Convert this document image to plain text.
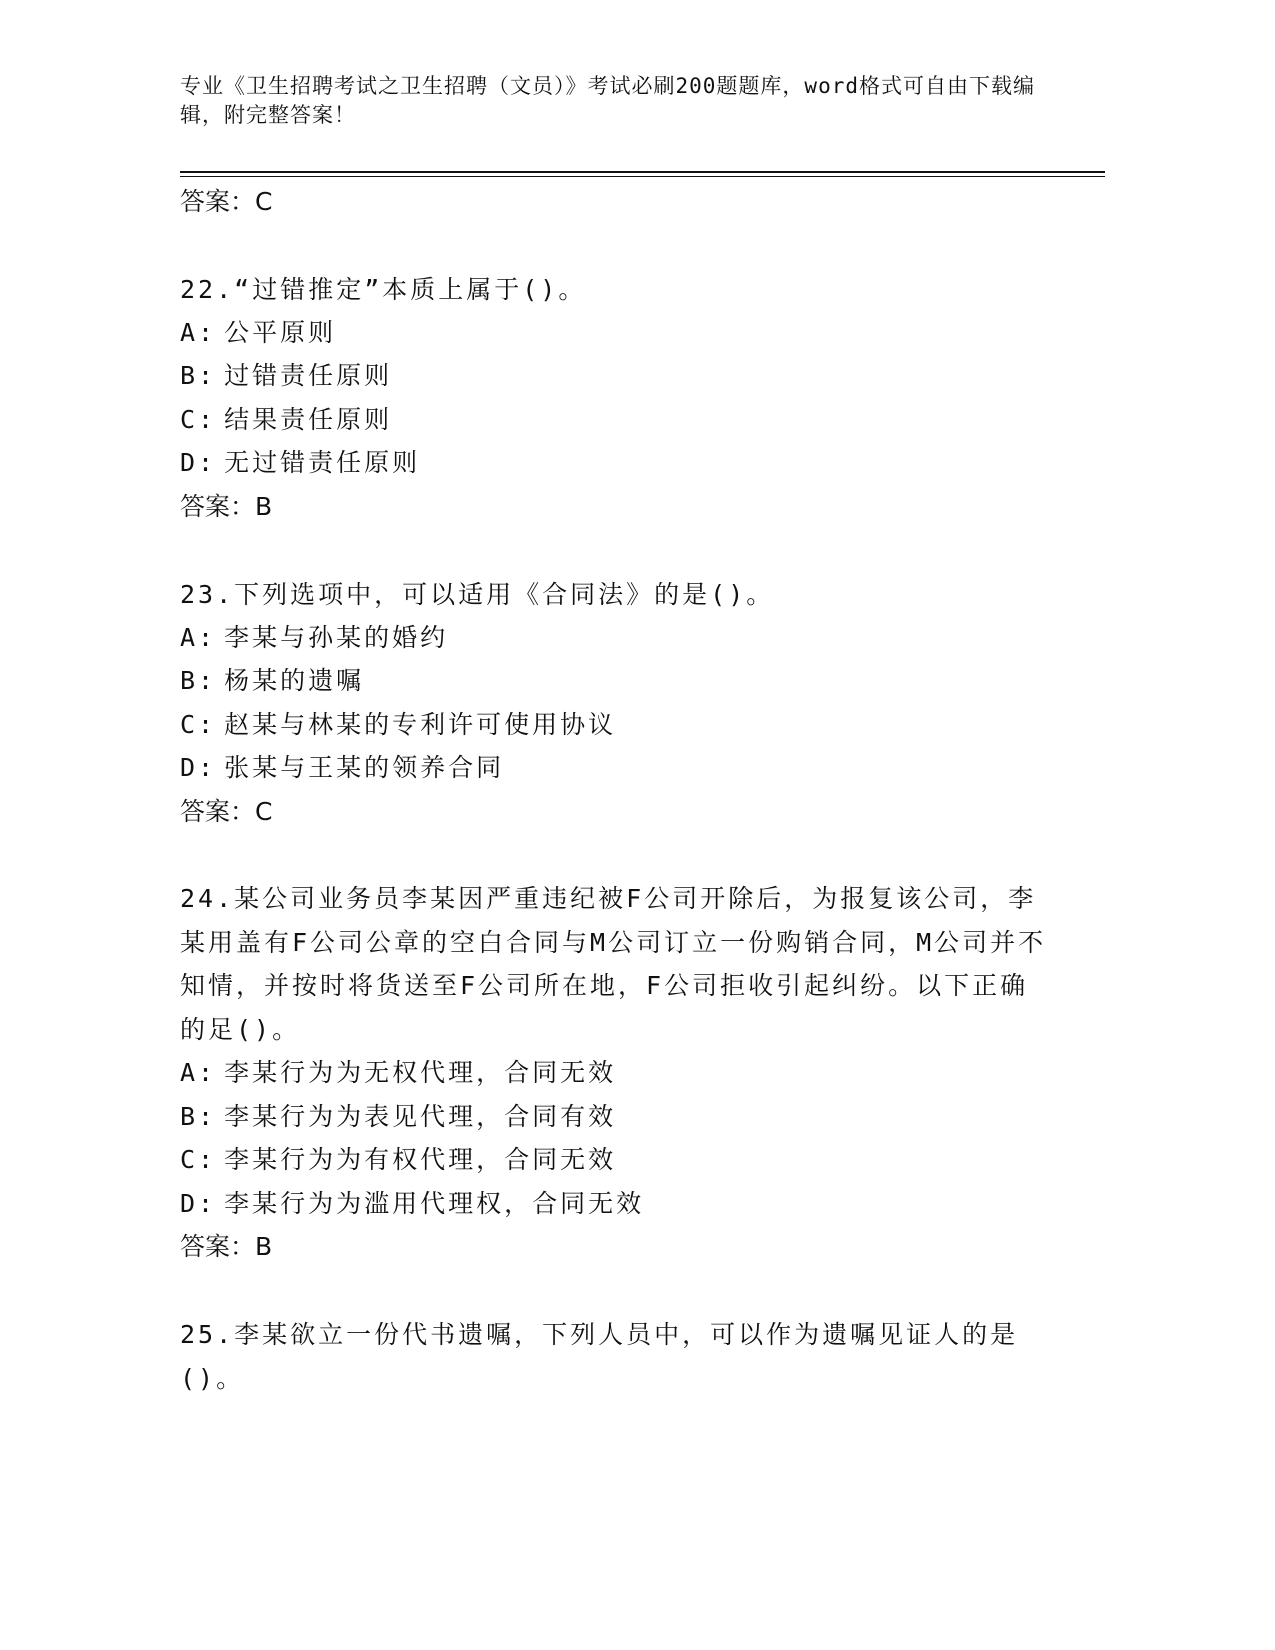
专业《卫生招聘考试之卫生招聘（文员）》考试必刷200题题库，word格式可自由下载编辑，附完整答案！
答案：C
22.“过错推定”本质上属于()。
A: 公平原则
B: 过错责任原则
C: 结果责任原则
D: 无过错责任原则
答案：B
23.下列选项中，可以适用《合同法》的是()。
A: 李某与孙某的婚约
B: 杨某的遗嘱
C: 赵某与林某的专利许可使用协议
D: 张某与王某的领养合同
答案：C
24.某公司业务员李某因严重违纪被F公司开除后，为报复该公司，李某用盖有F公司公章的空白合同与M公司订立一份购销合同，M公司并不知情，并按时将货送至F公司所在地，F公司拒收引起纠纷。以下正确的足()。
A: 李某行为为无权代理，合同无效
B: 李某行为为表见代理，合同有效
C: 李某行为为有权代理，合同无效
D: 李某行为为滥用代理权，合同无效
答案：B
25.李某欲立一份代书遗嘱，下列人员中，可以作为遗嘱见证人的是()。
